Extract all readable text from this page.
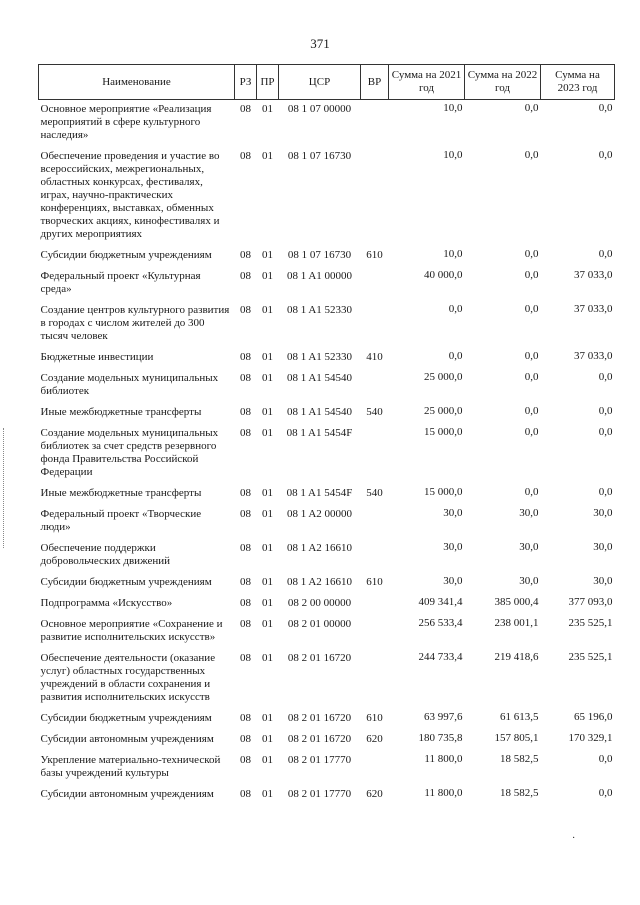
371
Наименование	РЗ	ПР	ЦСР	ВР	Сумма на 2021 год	Сумма на 2022 год	Сумма на 2023 год
Основное мероприятие «Реализация мероприятий в сфере культурного наследия»	08	01	08 1 07 00000		10,0	0,0	0,0
Обеспечение проведения и участие во всероссийских, межрегиональных, областных конкурсах, фестивалях, играх, научно-практических конференциях, выставках, обменных творческих акциях, кинофестивалях и других мероприятиях	08	01	08 1 07 16730		10,0	0,0	0,0
Субсидии бюджетным учреждениям	08	01	08 1 07 16730	610	10,0	0,0	0,0
Федеральный проект «Культурная среда»	08	01	08 1 A1 00000		40 000,0	0,0	37 033,0
Создание центров культурного развития в городах с числом жителей до 300 тысяч человек	08	01	08 1 A1 52330		0,0	0,0	37 033,0
Бюджетные инвестиции	08	01	08 1 A1 52330	410	0,0	0,0	37 033,0
Создание модельных муниципальных библиотек	08	01	08 1 A1 54540		25 000,0	0,0	0,0
Иные межбюджетные трансферты	08	01	08 1 A1 54540	540	25 000,0	0,0	0,0
Создание модельных муниципальных библиотек за счет средств резервного фонда Правительства Российской Федерации	08	01	08 1 A1 5454F		15 000,0	0,0	0,0
Иные межбюджетные трансферты	08	01	08 1 A1 5454F	540	15 000,0	0,0	0,0
Федеральный проект «Творческие люди»	08	01	08 1 A2 00000		30,0	30,0	30,0
Обеспечение поддержки добровольческих движений	08	01	08 1 A2 16610		30,0	30,0	30,0
Субсидии бюджетным учреждениям	08	01	08 1 A2 16610	610	30,0	30,0	30,0
Подпрограмма «Искусство»	08	01	08 2 00 00000		409 341,4	385 000,4	377 093,0
Основное мероприятие «Сохранение и развитие исполнительских искусств»	08	01	08 2 01 00000		256 533,4	238 001,1	235 525,1
Обеспечение деятельности (оказание услуг) областных государственных учреждений в области сохранения и развития исполнительских искусств	08	01	08 2 01 16720		244 733,4	219 418,6	235 525,1
Субсидии бюджетным учреждениям	08	01	08 2 01 16720	610	63 997,6	61 613,5	65 196,0
Субсидии автономным учреждениям	08	01	08 2 01 16720	620	180 735,8	157 805,1	170 329,1
Укрепление материально-технической базы учреждений культуры	08	01	08 2 01 17770		11 800,0	18 582,5	0,0
Субсидии автономным учреждениям	08	01	08 2 01 17770	620	11 800,0	18 582,5	0,0
·
